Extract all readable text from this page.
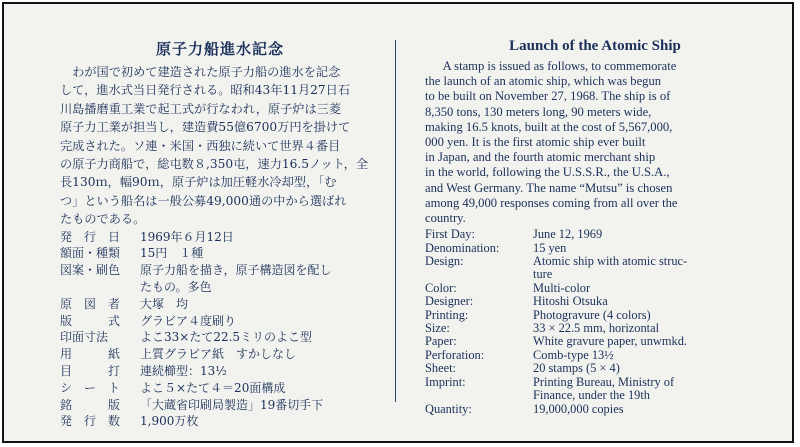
原子力船進水記念
わが国で初めて建造された原子力船の進水を記念
して，進水式当日発行される。昭和43年11月27日石
川島播磨重工業で起工式が行なわれ，原子炉は三菱
原子力工業が担当し，建造費55億6700万円を掛けて
完成された。ソ連・米国・西独に続いて世界４番目
の原子力商船で，総屯数８,350屯，速力16.5ノット，全
長130ｍ，幅90ｍ，原子炉は加圧軽水冷却型，「む
つ」という船名は一般公募49,000通の中から選ばれ
たものである。
発　行　日	1969年６月12日
額面・種類	15円　１種
図案・刷色	原子力船を描き，原子構造図を配し
	たもの。多色
原　図　者	大塚　均
版　　　式	グラビア４度刷り
印面寸法	よこ33×たて22.5ミリのよこ型
用　　　紙	上質グラビア紙　すかしなし
目　　　打	連続櫛型：13½
シ　ー　ト	よこ５×たて４＝20面構成
銘　　　版	「大蔵省印刷局製造」19番切手下
発　行　数	1,900万枚
Launch of the Atomic Ship
A stamp is issued as follows, to commemorate
the launch of an atomic ship, which was begun
to be built on November 27, 1968. The ship is of
8,350 tons, 130 meters long, 90 meters wide,
making 16.5 knots, built at the cost of 5,567,000,
000 yen. It is the first atomic ship ever built
in Japan, and the fourth atomic merchant ship
in the world, following the U.S.S.R., the U.S.A.,
and West Germany. The name “Mutsu” is chosen
among 49,000 responses coming from all over the
country.
First Day:	June 12, 1969
Denomination:	15 yen
Design:	Atomic ship with atomic struc-
	ture
Color:	Multi-color
Designer:	Hitoshi Otsuka
Printing:	Photogravure (4 colors)
Size:	33 × 22.5 mm, horizontal
Paper:	White gravure paper, unwmkd.
Perforation:	Comb-type 13½
Sheet:	20 stamps (5 × 4)
Imprint:	Printing Bureau, Ministry of
	Finance, under the 19th
Quantity:	19,000,000 copies
